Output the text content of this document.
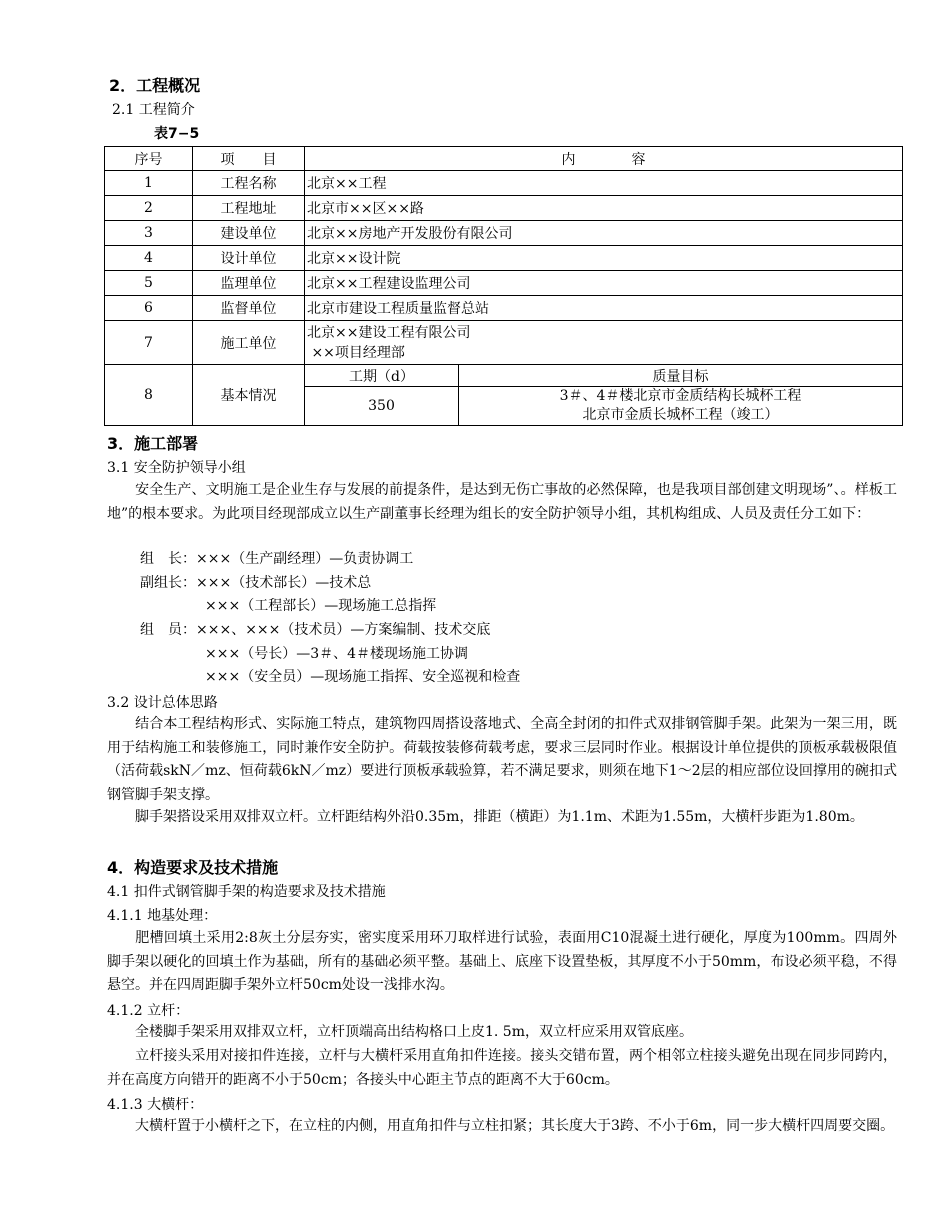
2．工程概况
2.1 工程简介
表7−5
序号	项　　目	内　　　　容	
1	工程名称	北京××工程	
2	工程地址	北京市××区××路	
3	建设单位	北京××房地产开发股份有限公司	
4	设计单位	北京××设计院	
5	监理单位	北京××工程建设监理公司	
6	监督单位	北京市建设工程质量监督总站	
7	施工单位	北京××建设工程有限公司
××项目经理部	

8	基本情况	工期（d）	质量目标
		350	3＃、4＃楼北京市金质结构长城杯工程
北京市金质长城杯工程（竣工）
3．施工部署
3.1 安全防护领导小组
安全生产、文明施工是企业生存与发展的前提条件，是达到无伤亡事故的必然保障，也是我项目部创建文明现场”、。样板工地”的根本要求。为此项目经现部成立以生产副董事长经理为组长的安全防护领导小组，其机构组成、人员及责任分工如下：
组　长：×××（生产副经理）—负责协调工
副组长：×××（技术部长）—技术总
×××（工程部长）—现场施工总指挥
组　员：×××、×××（技术员）—方案编制、技术交底
×××（号长）—3＃、4＃楼现场施工协调
×××（安全员）—现场施工指挥、安全巡视和检查
3.2 设计总体思路
结合本工程结构形式、实际施工特点，建筑物四周搭设落地式、全高全封闭的扣件式双排钢管脚手架。此架为一架三用，既用于结构施工和装修施工，同时兼作安全防护。荷载按装修荷载考虑，要求三层同时作业。根据设计单位提供的顶板承载极限值（活荷载skN／mz、恒荷载6kN／mz）要进行顶板承载验算，若不满足要求，则须在地下1～2层的相应部位设回撑用的碗扣式钢管脚手架支撑。
脚手架搭设采用双排双立杆。立杆距结构外沿0.35m，排距（横距）为1.1m、术距为1.55m，大横杆步距为1.80m。
4．构造要求及技术措施
4.1 扣件式钢管脚手架的构造要求及技术措施
4.1.1 地基处理：
肥槽回填土采用2:8灰土分层夯实，密实度采用环刀取样进行试验，表面用C10混凝土进行硬化，厚度为100mm。四周外脚手架以硬化的回填土作为基础，所有的基础必须平整。基础上、底座下设置垫板，其厚度不小于50mm，布设必须平稳，不得悬空。并在四周距脚手架外立杆50cm处设一浅排水沟。
4.1.2 立杆：
全楼脚手架采用双排双立杆，立杆顶端高出结构格口上皮1. 5m，双立杆应采用双管底座。
立杆接头采用对接扣件连接，立杆与大横杆采用直角扣件连接。接头交错布置，两个相邻立柱接头避免出现在同步同跨内，并在高度方向错开的距离不小于50cm；各接头中心距主节点的距离不大于60cm。
4.1.3 大横杆：
大横杆置于小横杆之下，在立柱的内侧，用直角扣件与立柱扣紧；其长度大于3跨、不小于6m，同一步大横杆四周要交圈。
